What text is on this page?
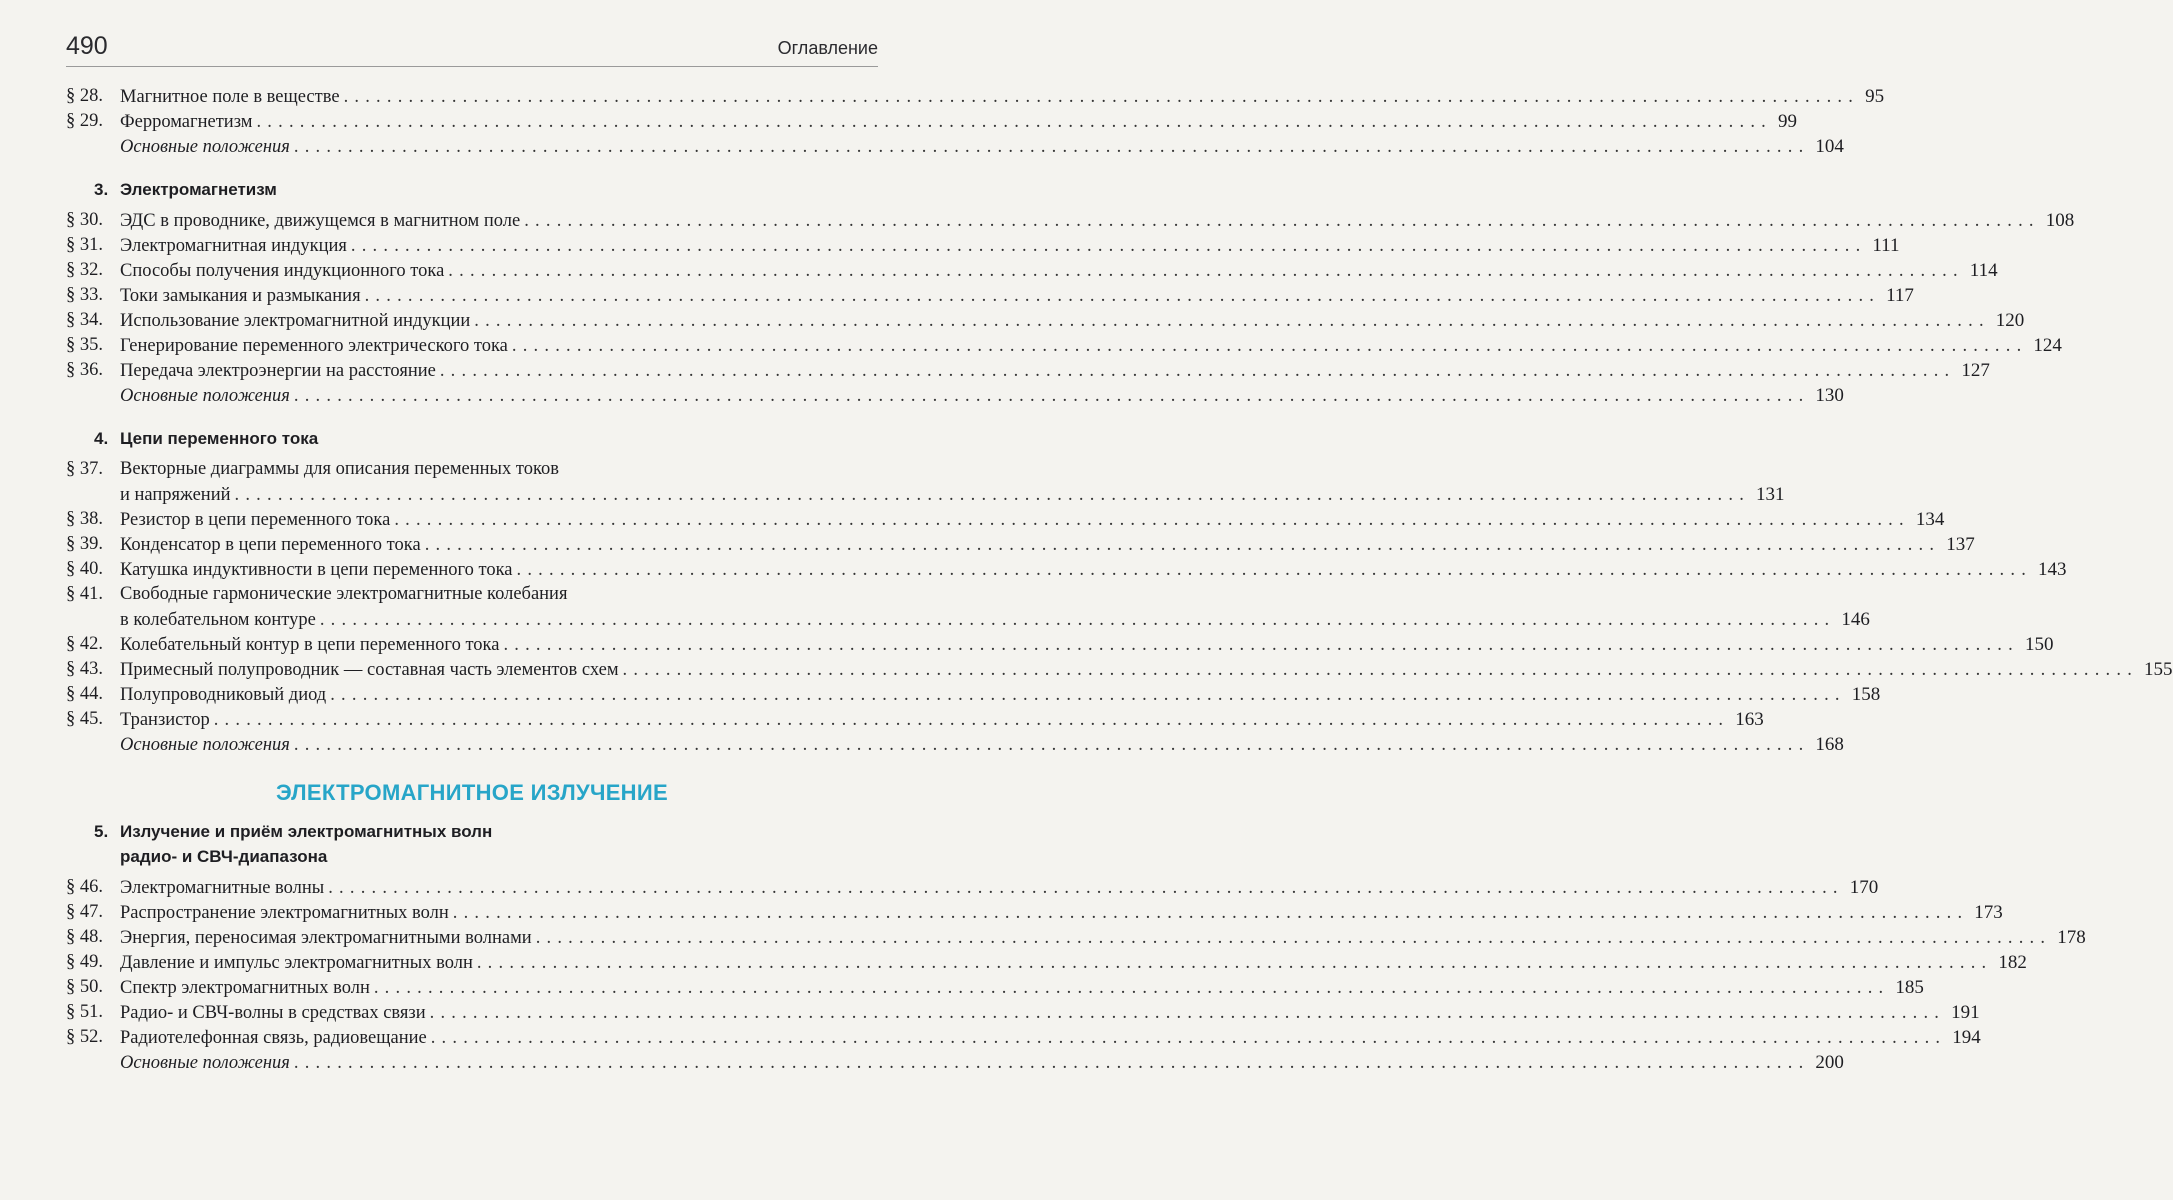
490	Оглавление
§ 28. Магнитное поле в веществе ............................................................................................................................................ 95
§ 29. Ферромагнетизм ............................................................................................................................................ 99
Основные положения ............................................................................................................................................ 104
3. Электромагнетизм
§ 30. ЭДС в проводнике, движущемся в магнитном поле ............................................................................................................................................ 108
§ 31. Электромагнитная индукция ............................................................................................................................................ 111
§ 32. Способы получения индукционного тока ............................................................................................................................................ 114
§ 33. Токи замыкания и размыкания ............................................................................................................................................ 117
§ 34. Использование электромагнитной индукции ............................................................................................................................................ 120
§ 35. Генерирование переменного электрического тока ............................................................................................................................................ 124
§ 36. Передача электроэнергии на расстояние ............................................................................................................................................ 127
Основные положения ............................................................................................................................................ 130
4. Цепи переменного тока
§ 37. Векторные диаграммы для описания переменных токов
и напряжений ............................................................................................................................................ 131
§ 38. Резистор в цепи переменного тока ............................................................................................................................................ 134
§ 39. Конденсатор в цепи переменного тока ............................................................................................................................................ 137
§ 40. Катушка индуктивности в цепи переменного тока ............................................................................................................................................ 143
§ 41. Свободные гармонические электромагнитные колебания
в колебательном контуре ............................................................................................................................................ 146
§ 42. Колебательный контур в цепи переменного тока ............................................................................................................................................ 150
§ 43. Примесный полупроводник — составная часть элементов схем ............................................................................................................................................ 155
§ 44. Полупроводниковый диод ............................................................................................................................................ 158
§ 45. Транзистор ............................................................................................................................................ 163
Основные положения ............................................................................................................................................ 168
ЭЛЕКТРОМАГНИТНОЕ ИЗЛУЧЕНИЕ
5. Излучение и приём электромагнитных волн
радио- и СВЧ-диапазона
§ 46. Электромагнитные волны ............................................................................................................................................ 170
§ 47. Распространение электромагнитных волн ............................................................................................................................................ 173
§ 48. Энергия, переносимая электромагнитными волнами ............................................................................................................................................ 178
§ 49. Давление и импульс электромагнитных волн ............................................................................................................................................ 182
§ 50. Спектр электромагнитных волн ............................................................................................................................................ 185
§ 51. Радио- и СВЧ-волны в средствах связи ............................................................................................................................................ 191
§ 52. Радиотелефонная связь, радиовещание ............................................................................................................................................ 194
Основные положения ............................................................................................................................................ 200
